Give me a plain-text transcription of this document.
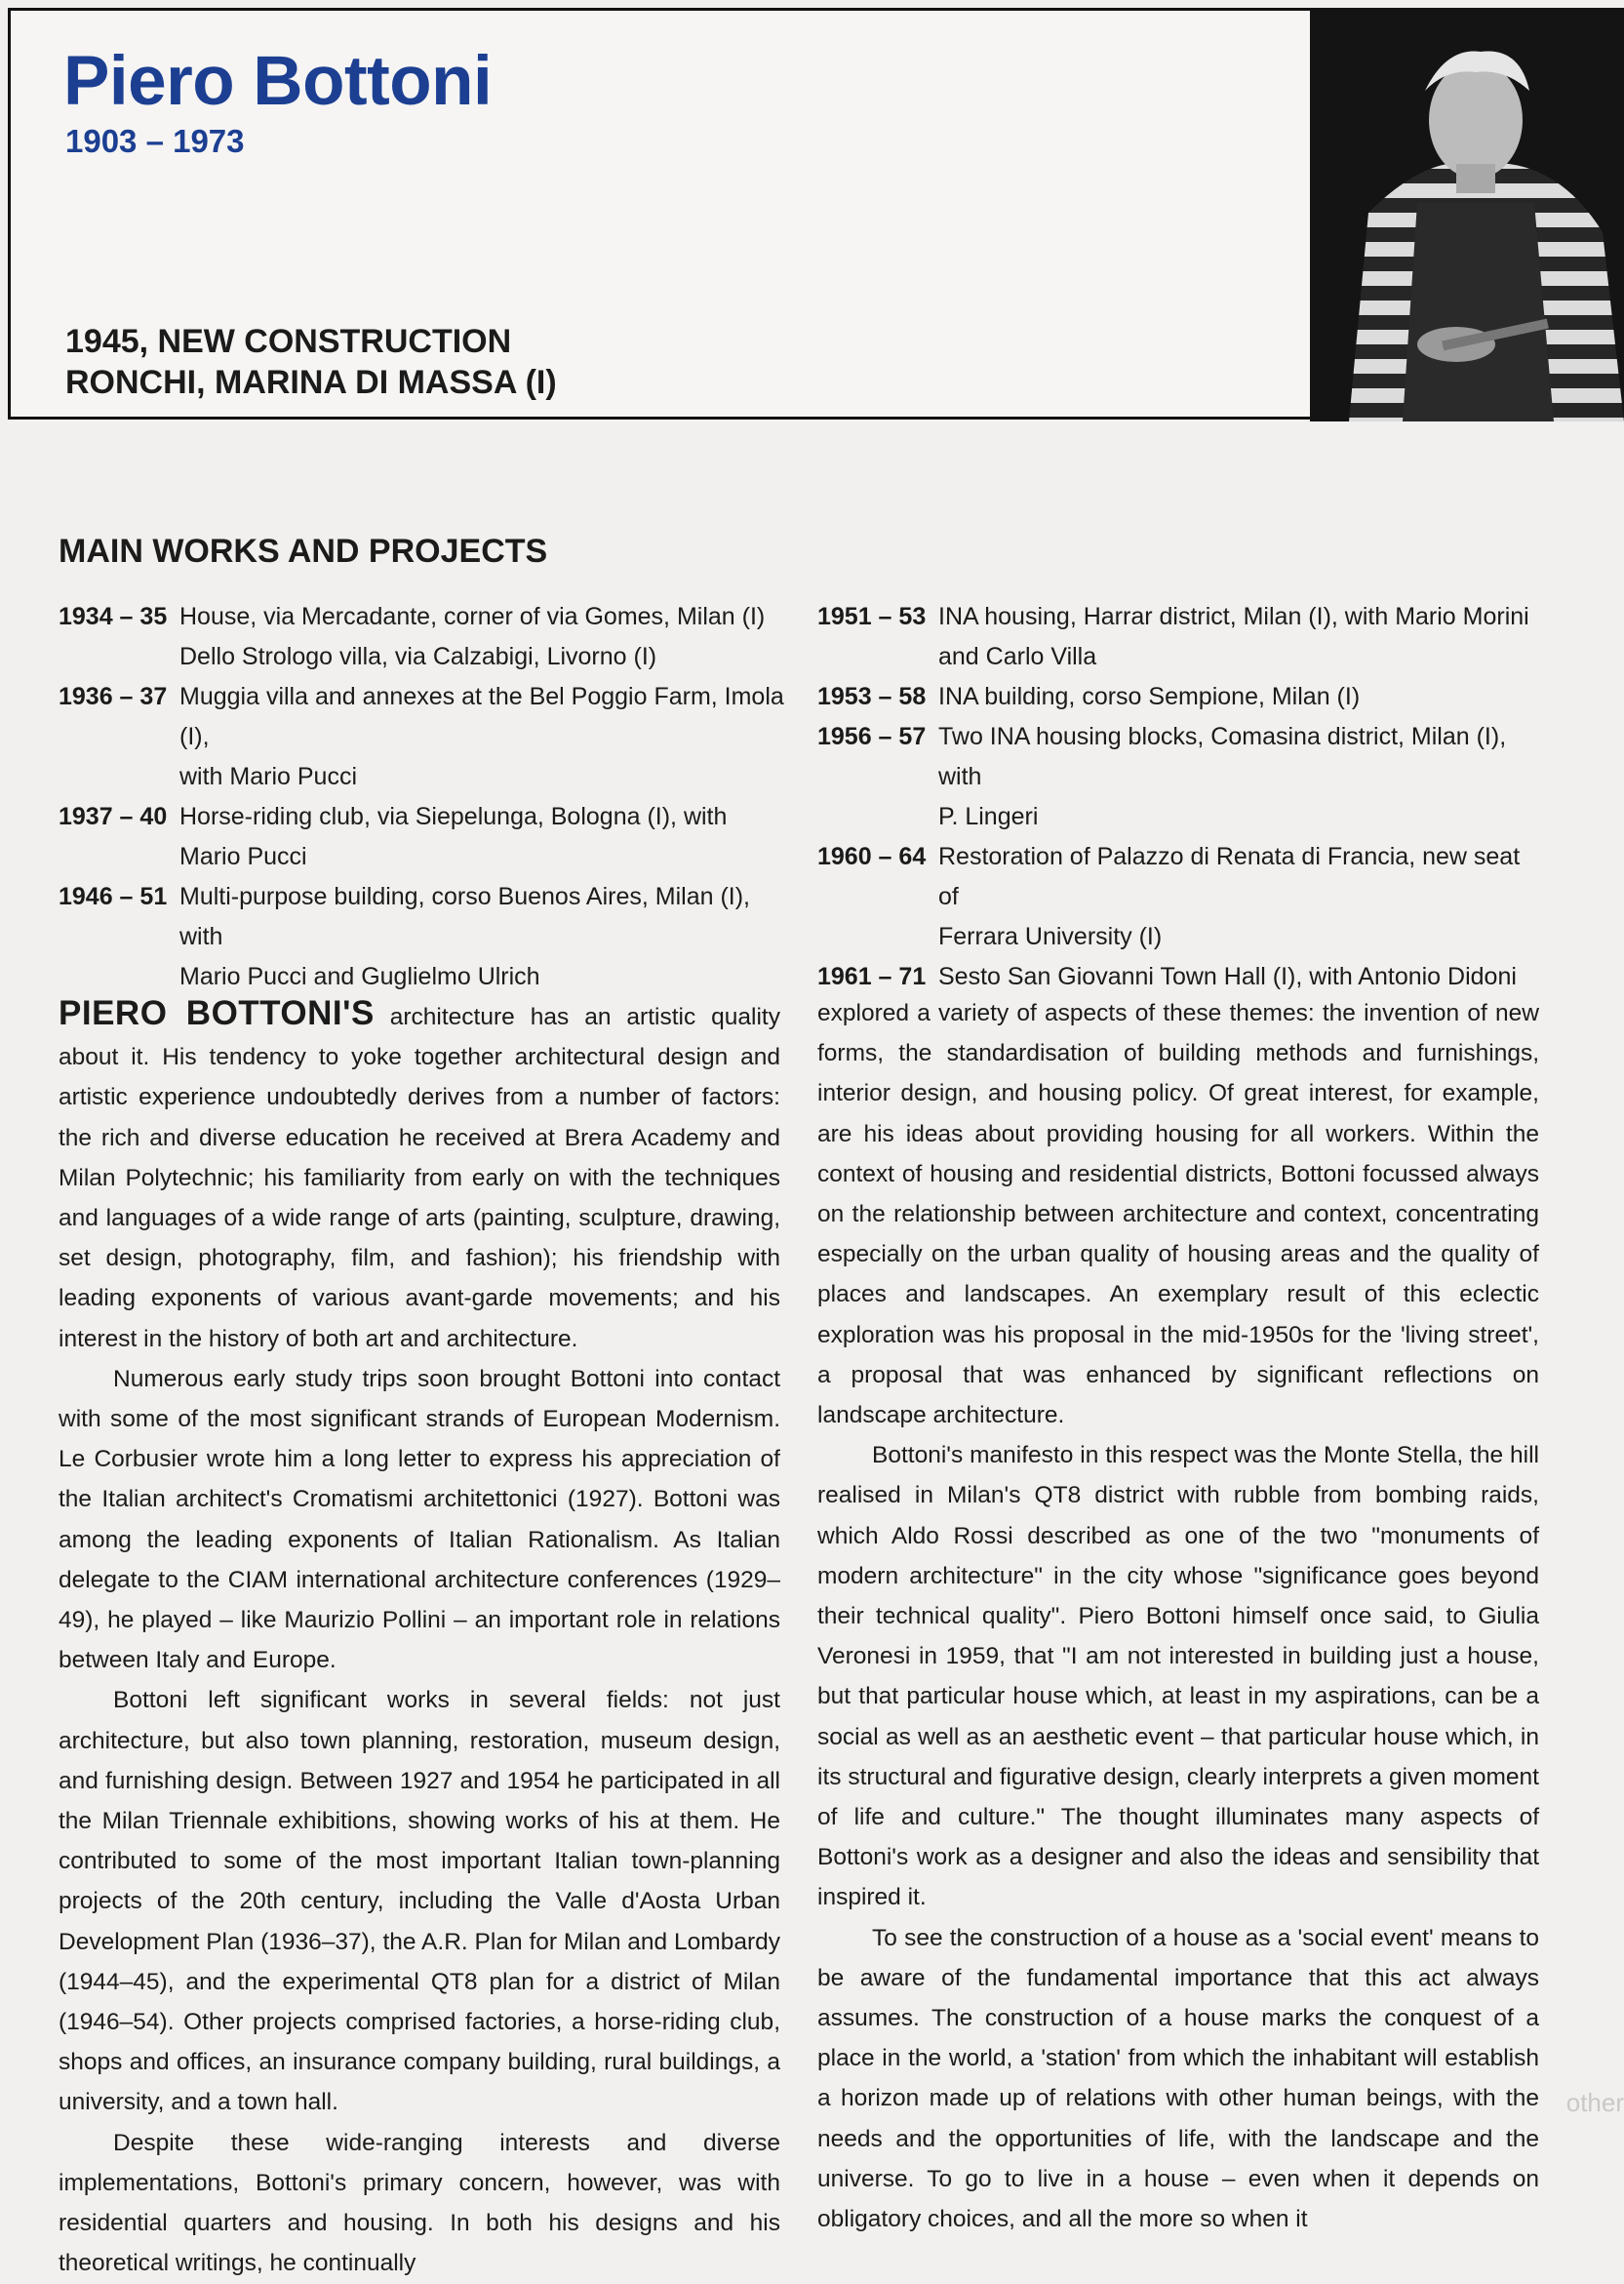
Piero Bottoni
1903 – 1973
1945, NEW CONSTRUCTION
RONCHI, MARINA DI MASSA (I)
MAIN WORKS AND PROJECTS
1934 – 35 House, via Mercadante, corner of via Gomes, Milan (I)
Dello Strologo villa, via Calzabigi, Livorno (I)
1936 – 37 Muggia villa and annexes at the Bel Poggio Farm, Imola (I),
with Mario Pucci
1937 – 40 Horse-riding club, via Siepelunga, Bologna (I), with
Mario Pucci
1946 – 51 Multi-purpose building, corso Buenos Aires, Milan (I), with
Mario Pucci and Guglielmo Ulrich
1951 – 53 INA housing, Harrar district, Milan (I), with Mario Morini
and Carlo Villa
1953 – 58 INA building, corso Sempione, Milan (I)
1956 – 57 Two INA housing blocks, Comasina district, Milan (I), with
P. Lingeri
1960 – 64 Restoration of Palazzo di Renata di Francia, new seat of
Ferrara University (I)
1961 – 71 Sesto San Giovanni Town Hall (I), with Antonio Didoni

PIERO BOTTONI'S architecture has an artistic quality about it. His tendency to yoke together architectural design and artistic experience undoubtedly derives from a number of factors: the rich and diverse education he received at Brera Academy and Milan Polytechnic; his familiarity from early on with the techniques and languages of a wide range of arts (painting, sculpture, drawing, set design, photography, film, and fashion); his friendship with leading exponents of various avant-garde movements; and his interest in the history of both art and architecture.

Numerous early study trips soon brought Bottoni into contact with some of the most significant strands of European Modernism. Le Corbusier wrote him a long letter to express his appreciation of the Italian architect's Cromatismi architettonici (1927). Bottoni was among the leading exponents of Italian Rationalism. As Italian delegate to the CIAM international architecture conferences (1929–49), he played – like Maurizio Pollini – an important role in relations between Italy and Europe.

Bottoni left significant works in several fields: not just architecture, but also town planning, restoration, museum design, and furnishing design. Between 1927 and 1954 he participated in all the Milan Triennale exhibitions, showing works of his at them. He contributed to some of the most important Italian town-planning projects of the 20th century, including the Valle d'Aosta Urban Development Plan (1936–37), the A.R. Plan for Milan and Lombardy (1944–45), and the experimental QT8 plan for a district of Milan (1946–54). Other projects comprised factories, a horse-riding club, shops and offices, an insurance company building, rural buildings, a university, and a town hall.

Despite these wide-ranging interests and diverse implementations, Bottoni's primary concern, however, was with residential quarters and housing. In both his designs and his theoretical writings, he continually

explored a variety of aspects of these themes: the invention of new forms, the standardisation of building methods and furnishings, interior design, and housing policy. Of great interest, for example, are his ideas about providing housing for all workers. Within the context of housing and residential districts, Bottoni focussed always on the relationship between architecture and context, concentrating especially on the urban quality of housing areas and the quality of places and landscapes. An exemplary result of this eclectic exploration was his proposal in the mid-1950s for the 'living street', a proposal that was enhanced by significant reflections on landscape architecture.

Bottoni's manifesto in this respect was the Monte Stella, the hill realised in Milan's QT8 district with rubble from bombing raids, which Aldo Rossi described as one of the two "monuments of modern architecture" in the city whose "significance goes beyond their technical quality". Piero Bottoni himself once said, to Giulia Veronesi in 1959, that "I am not interested in building just a house, but that particular house which, at least in my aspirations, can be a social as well as an aesthetic event – that particular house which, in its structural and figurative design, clearly interprets a given moment of life and culture." The thought illuminates many aspects of Bottoni's work as a designer and also the ideas and sensibility that inspired it.

To see the construction of a house as a 'social event' means to be aware of the fundamental importance that this act always assumes. The construction of a house marks the conquest of a place in the world, a 'station' from which the inhabitant will establish a horizon made up of relations with other human beings, with the needs and the opportunities of life, with the landscape and the universe. To go to live in a house – even when it depends on obligatory choices, and all the more so when it

other
